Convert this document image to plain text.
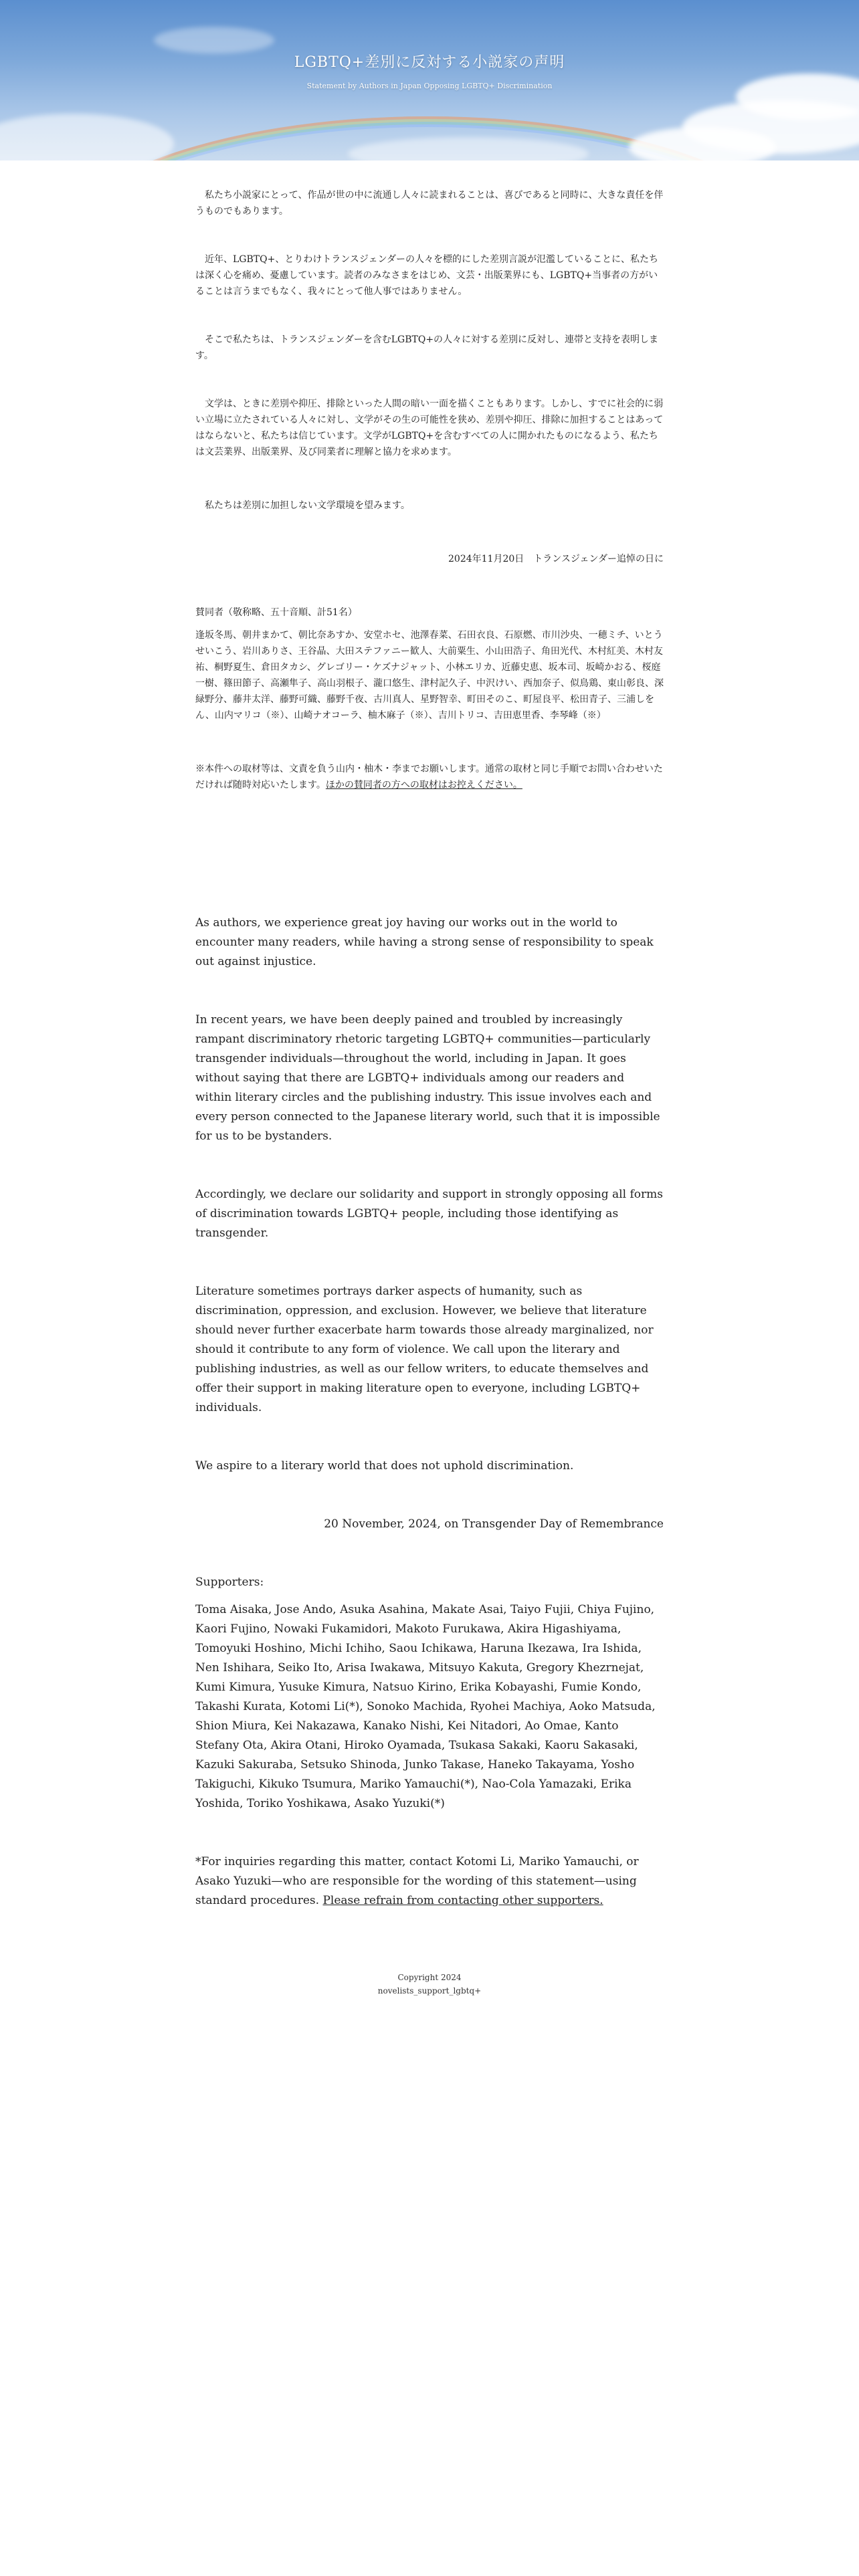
LGBTQ+差別に反対する小説家の声明
Statement by Authors in Japan Opposing LGBTQ+ Discrimination

私たち小説家にとって、作品が世の中に流通し人々に読まれることは、喜びであると同時に、大きな責任を伴うものでもあります。

近年、LGBTQ+、とりわけトランスジェンダーの人々を標的にした差別言説が氾濫していることに、私たちは深く心を痛め、憂慮しています。読者のみなさまをはじめ、文芸・出版業界にも、LGBTQ+当事者の方がいることは言うまでもなく、我々にとって他人事ではありません。

そこで私たちは、トランスジェンダーを含むLGBTQ+の人々に対する差別に反対し、連帯と支持を表明します。

文学は、ときに差別や抑圧、排除といった人間の暗い一面を描くこともあります。しかし、すでに社会的に弱い立場に立たされている人々に対し、文学がその生の可能性を狭め、差別や抑圧、排除に加担することはあってはならないと、私たちは信じています。文学がLGBTQ+を含むすべての人に開かれたものになるよう、私たちは文芸業界、出版業界、及び同業者に理解と協力を求めます。

私たちは差別に加担しない文学環境を望みます。

2024年11月20日　トランスジェンダー追悼の日に
賛同者（敬称略、五十音順、計51名）
逢坂冬馬、朝井まかて、朝比奈あすか、安堂ホセ、池澤春菜、石田衣良、石原燃、市川沙央、一穂ミチ、いとうせいこう、岩川ありさ、王谷晶、大田ステファニー歓人、大前粟生、小山田浩子、角田光代、木村紅美、木村友祐、桐野夏生、倉田タカシ、グレゴリー・ケズナジャット、小林エリカ、近藤史恵、坂本司、坂崎かおる、桜庭一樹、篠田節子、高瀬隼子、高山羽根子、瀧口悠生、津村記久子、中沢けい、西加奈子、似鳥鶏、東山彰良、深緑野分、藤井太洋、藤野可織、藤野千夜、古川真人、星野智幸、町田そのこ、町屋良平、松田青子、三浦しをん、山内マリコ（※）、山崎ナオコーラ、柚木麻子（※）、吉川トリコ、吉田恵里香、李琴峰（※）
※本件への取材等は、文責を負う山内・柚木・李までお願いします。通常の取材と同じ手順でお問い合わせいただければ随時対応いたします。ほかの賛同者の方への取材はお控えください。

As authors, we experience great joy having our works out in the world to encounter many readers, while having a strong sense of responsibility to speak out against injustice.

In recent years, we have been deeply pained and troubled by increasingly rampant discriminatory rhetoric targeting LGBTQ+ communities—particularly transgender individuals—throughout the world, including in Japan. It goes without saying that there are LGBTQ+ individuals among our readers and within literary circles and the publishing industry. This issue involves each and every person connected to the Japanese literary world, such that it is impossible for us to be bystanders.

Accordingly, we declare our solidarity and support in strongly opposing all forms of discrimination towards LGBTQ+ people, including those identifying as transgender.

Literature sometimes portrays darker aspects of humanity, such as discrimination, oppression, and exclusion. However, we believe that literature should never further exacerbate harm towards those already marginalized, nor should it contribute to any form of violence. We call upon the literary and publishing industries, as well as our fellow writers, to educate themselves and offer their support in making literature open to everyone, including LGBTQ+ individuals.

We aspire to a literary world that does not uphold discrimination.

20 November, 2024, on Transgender Day of Remembrance
Supporters:
Toma Aisaka, Jose Ando, Asuka Asahina, Makate Asai, Taiyo Fujii, Chiya Fujino, Kaori Fujino, Nowaki Fukamidori, Makoto Furukawa, Akira Higashiyama, Tomoyuki Hoshino, Michi Ichiho, Saou Ichikawa, Haruna Ikezawa, Ira Ishida, Nen Ishihara, Seiko Ito, Arisa Iwakawa, Mitsuyo Kakuta, Gregory Khezrnejat, Kumi Kimura, Yusuke Kimura, Natsuo Kirino, Erika Kobayashi, Fumie Kondo, Takashi Kurata, Kotomi Li(*), Sonoko Machida, Ryohei Machiya, Aoko Matsuda, Shion Miura, Kei Nakazawa, Kanako Nishi, Kei Nitadori, Ao Omae, Kanto Stefany Ota, Akira Otani, Hiroko Oyamada, Tsukasa Sakaki, Kaoru Sakasaki, Kazuki Sakuraba, Setsuko Shinoda, Junko Takase, Haneko Takayama, Yosho Takiguchi, Kikuko Tsumura, Mariko Yamauchi(*), Nao-Cola Yamazaki, Erika Yoshida, Toriko Yoshikawa, Asako Yuzuki(*)
*For inquiries regarding this matter, contact Kotomi Li, Mariko Yamauchi, or Asako Yuzuki—who are responsible for the wording of this statement—using standard procedures. Please refrain from contacting other supporters.
Copyright 2024
novelists_support_lgbtq+
